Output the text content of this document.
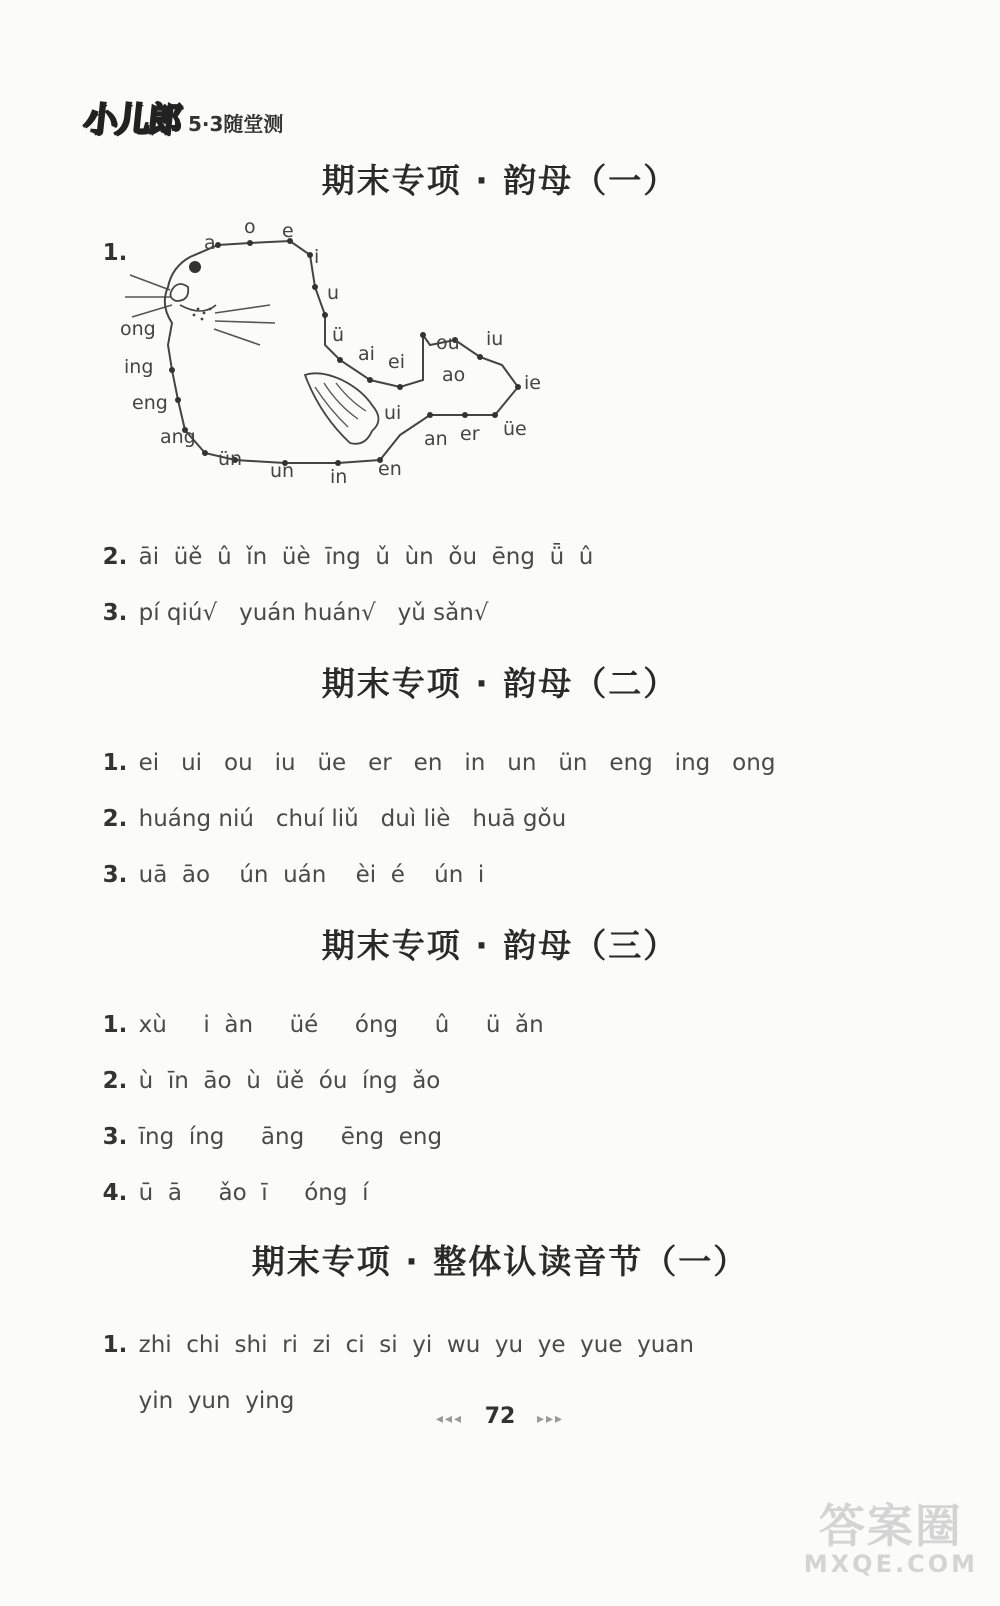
小儿郎 5·3随堂测
期末专项 · 韵母（一）

1.	a
o e
i
u
ü
ai ei
ui
ao
ou iu
ie
üe
er
an
en
in
un
ün
ang
eng
ing
ong

2. āi  üě  û  ǐn  üè  īng  ǔ  ùn  ǒu  ēng  ǖ  û

3. pí qiú√   yuán huán√   yǔ sǎn√

期末专项 · 韵母（二）

1. ei   ui   ou   iu   üe   er   en   in   un   ün   eng   ing   ong

2. huáng niú   chuí liǔ   duì liè   huā gǒu

3. uā  āo    ún  uán    èi  é    ún  i

期末专项 · 韵母（三）

1. xù     i  àn     üé     óng     û     ü  ǎn

2. ù  īn  āo  ù  üě  óu  íng  ǎo

3. īng  íng     āng     ēng  eng

4. ū  ā     ǎo  ī     óng  í

期末专项 · 整体认读音节（一）

1. zhi  chi  shi  ri  zi  ci  si  yi  wu  yu  ye  yue  yuan

yin  yun  ying

◂◂◂ 72 ▸▸▸
答案圈
MXQE.COM
